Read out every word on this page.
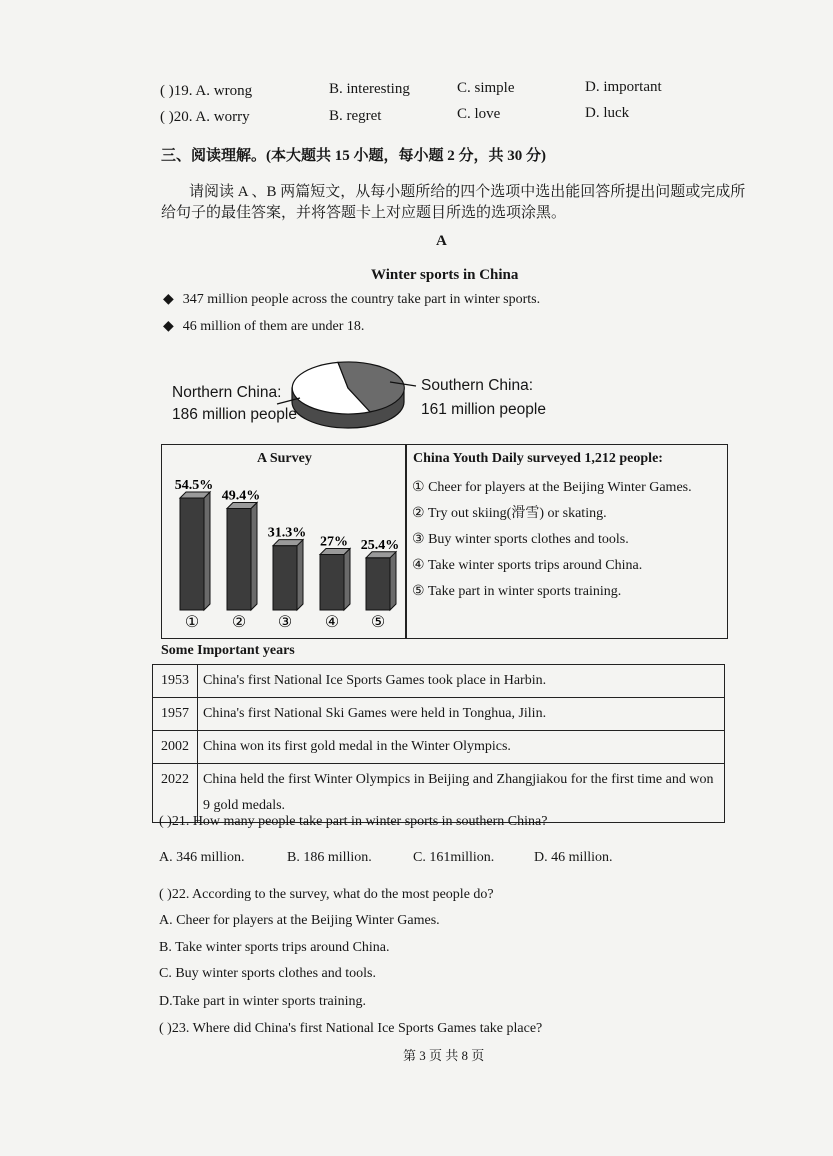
( )19. A. wrong	B. interesting	C. simple	D. important
( )20. A. worry	B. regret	C. love	D. luck
三、阅读理解。(本大题共 15 小题，每小题 2 分，共 30 分)
请阅读 A 、B 两篇短文，从每小题所给的四个选项中选出能回答所提出问题或完成所
给句子的最佳答案，并将答题卡上对应题目所选的选项涂黑。
A
Winter sports in China
◆ 347 million people across the country take part in winter sports.
◆ 46 million of them are under 18.
Northern China:
186 million people
Southern China:
161 million people
A Survey
54.5%
①
49.4%
②
31.3%
③
27%
④
25.4%
⑤
China Youth Daily surveyed 1,212 people:
① Cheer for players at the Beijing Winter Games.
② Try out skiing(滑雪) or skating.
③ Buy winter sports clothes and tools.
④ Take winter sports trips around China.
⑤ Take part in winter sports training.
Some Important years
1953	China's first National Ice Sports Games took place in Harbin.
1957	China's first National Ski Games were held in Tonghua, Jilin.
2002	China won its first gold medal in the Winter Olympics.
2022	China held the first Winter Olympics in Beijing and Zhangjiakou for the first time and won 9 gold medals.
( )21. How many people take part in winter sports in southern China?
A. 346 million.	B. 186 million.	C. 161million.	D. 46 million.
( )22. According to the survey, what do the most people do?
A. Cheer for players at the Beijing Winter Games.
B. Take winter sports trips around China.
C. Buy winter sports clothes and tools.
D.Take part in winter sports training.
( )23. Where did China's first National Ice Sports Games take place?
第 3 页 共 8 页
